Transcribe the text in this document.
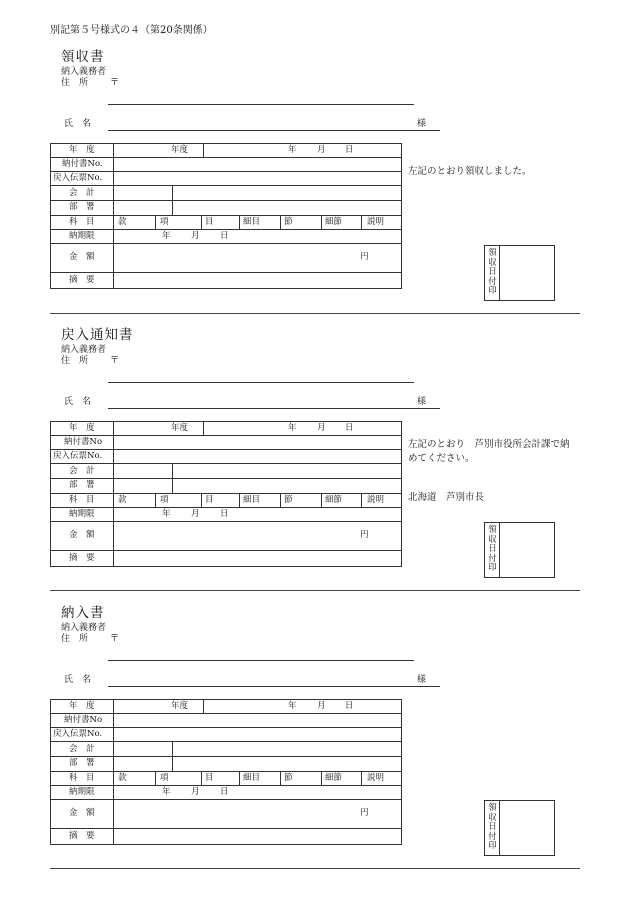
別記第５号様式の４（第20条関係）
領収書
納入義務者
住　所 〒
氏　名	様
年　度	年度	年 月 日
納付書No.
戻入伝票No.
会　計
部　署
科　目	款	項	目	細目	節	細節	説明
納期限	年 月 日
金　額	円
摘　要
左記のとおり領収しました。
領収日付印
戻入通知書
納入義務者
住　所 〒
氏　名	様
年　度	年度	年 月 日
納付書No
戻入伝票No.
会　計
部　署
科　目	款	項	目	細目	節	細節	説明
納期限	年 月 日
金　額	円
摘　要
左記のとおり　芦別市役所会計課で納
めてください。
北海道　芦別市長
領収日付印
納入書
納入義務者
住　所 〒
氏　名	様
年　度	年度	年 月 日
納付書No
戻入伝票No.
会　計
部　署
科　目	款	項	目	細目	節	細節	説明
納期限	年 月 日
金　額	円
摘　要
領収日付印
